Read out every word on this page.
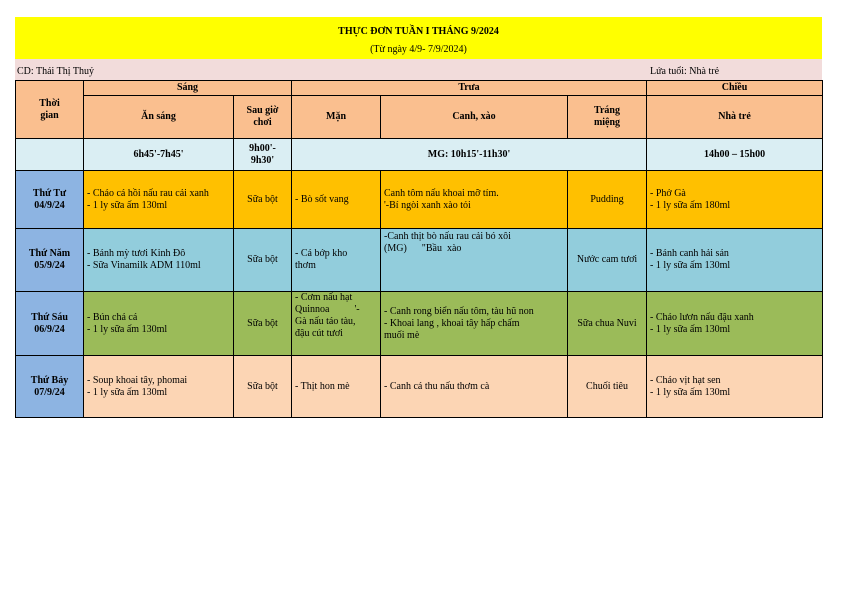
THỰC ĐƠN TUẦN I THÁNG 9/2024
(Từ ngày 4/9- 7/9/2024)
CD: Thái Thị Thuỷ	Lứa tuổi: Nhà trẻ
Thời
gian	Sáng		Trưa			Chiều
	Ăn sáng	Sau giờ
chơi	Mặn	Canh, xào	Tráng
miệng	Nhà trẻ
	6h45'-7h45'	9h00'-
9h30'	MG: 10h15'-11h30'			14h00 – 15h00

Thứ Tư
04/9/24	- Cháo cá hồi nấu rau cải xanh
- 1 ly sữa ấm 130ml	Sữa bột	- Bò sốt vang	Canh tôm nấu khoai mỡ tím.
'-Bí ngòi xanh xào tỏi	Pudding	- Phở Gà
- 1 ly sữa ấm 180ml

Thứ Năm
05/9/24	- Bánh mỳ tươi Kinh Đô
- Sữa Vinamilk ADM 110ml	Sữa bột	- Cá bớp kho
thơm	-Canh thịt bò nấu rau cải bó xôi
(MG)      "Bầu  xào	Nước cam tươi	- Bánh canh hải sản
- 1 ly sữa ấm 130ml

Thứ Sáu
06/9/24	- Bún chả cá
- 1 ly sữa ấm 130ml	Sữa bột	- Cơm nấu hạt
Quinnoa          '-
Gà nấu táo tàu,
đậu cút tươi	- Canh rong biển nấu tôm, tàu hũ non
- Khoai lang , khoai tây hấp chấm
muối mè	Sữa chua Nuvi	- Cháo lươn nấu đậu xanh
- 1 ly sữa ấm 130ml

Thứ Bảy
07/9/24	- Soup khoai tây, phomai
- 1 ly sữa ấm 130ml	Sữa bột	- Thịt hon mè	- Canh cá thu nấu thơm cà	Chuối tiêu	- Cháo vịt hạt sen
- 1 ly sữa ấm 130ml
